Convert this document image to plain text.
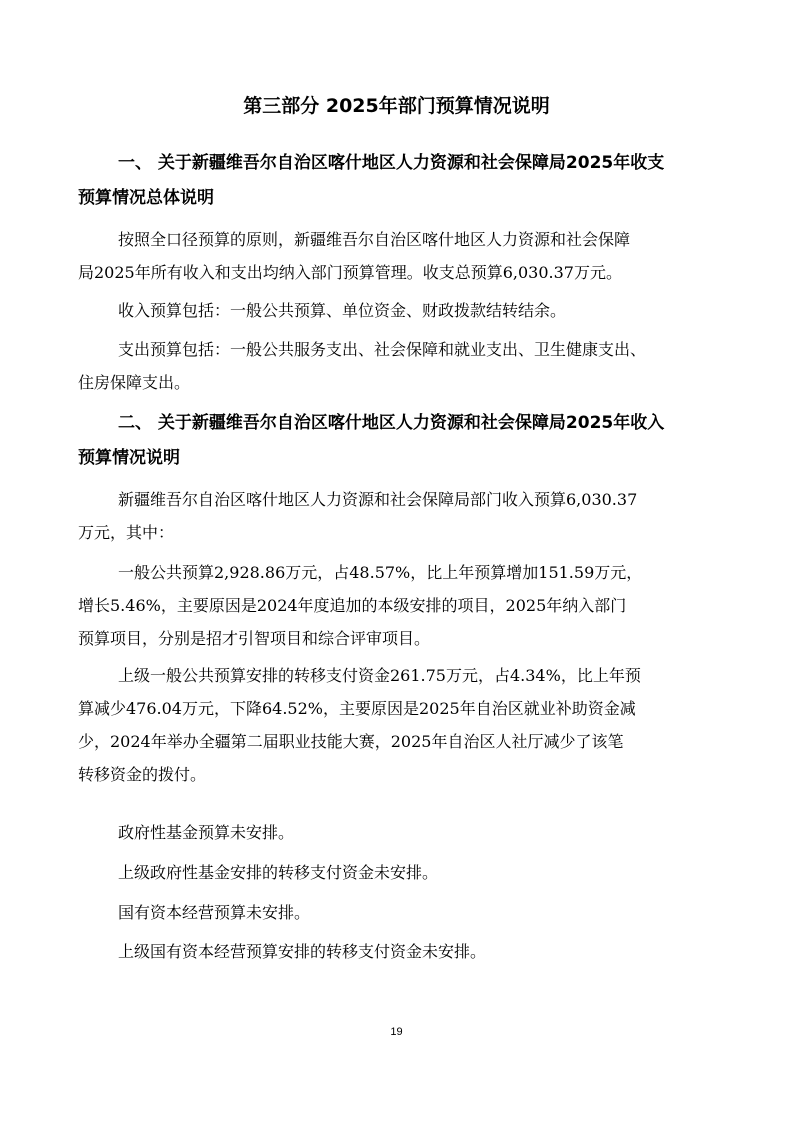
第三部分 2025年部门预算情况说明
一、 关于新疆维吾尔自治区喀什地区人力资源和社会保障局2025年收支
预算情况总体说明
按照全口径预算的原则，新疆维吾尔自治区喀什地区人力资源和社会保障
局2025年所有收入和支出均纳入部门预算管理。收支总预算6,030.37万元。
收入预算包括：一般公共预算、单位资金、财政拨款结转结余。
支出预算包括：一般公共服务支出、社会保障和就业支出、卫生健康支出、
住房保障支出。
二、 关于新疆维吾尔自治区喀什地区人力资源和社会保障局2025年收入
预算情况说明
新疆维吾尔自治区喀什地区人力资源和社会保障局部门收入预算6,030.37
万元，其中：
一般公共预算2,928.86万元，占48.57%，比上年预算增加151.59万元，
增长5.46%，主要原因是2024年度追加的本级安排的项目，2025年纳入部门
预算项目，分别是招才引智项目和综合评审项目。
上级一般公共预算安排的转移支付资金261.75万元，占4.34%，比上年预
算减少476.04万元，下降64.52%，主要原因是2025年自治区就业补助资金减
少，2024年举办全疆第二届职业技能大赛，2025年自治区人社厅减少了该笔
转移资金的拨付。
政府性基金预算未安排。
上级政府性基金安排的转移支付资金未安排。
国有资本经营预算未安排。
上级国有资本经营预算安排的转移支付资金未安排。
19
